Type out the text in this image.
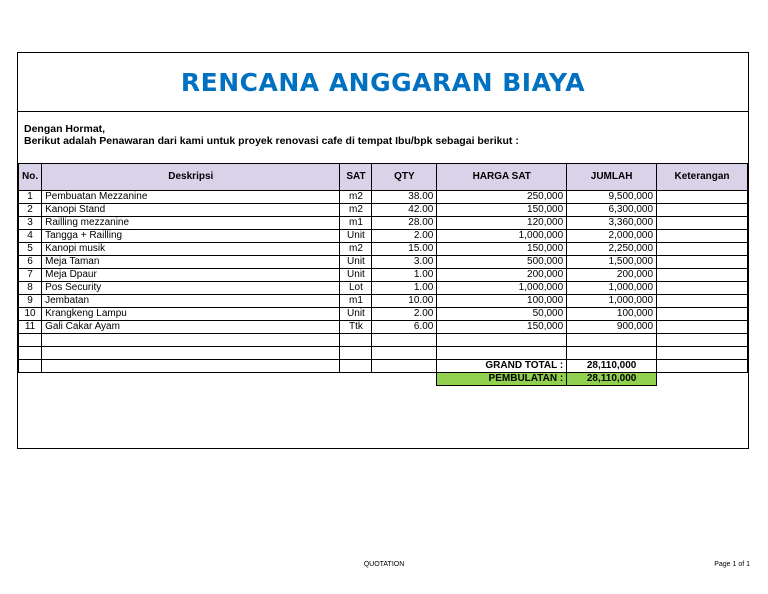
RENCANA ANGGARAN BIAYA
Dengan Hormat,
Berikut adalah Penawaran dari kami untuk proyek renovasi cafe di tempat Ibu/bpk sebagai berikut :
No.	Deskripsi	SAT	QTY	HARGA SAT	JUMLAH	Keterangan
1	Pembuatan Mezzanine	m2	38.00	250,000	9,500,000	
2	Kanopi Stand	m2	42.00	150,000	6,300,000	
3	Railling mezzanine	m1	28.00	120,000	3,360,000	
4	Tangga + Railling	Unit	2.00	1,000,000	2,000,000	
5	Kanopi musik	m2	15.00	150,000	2,250,000	
6	Meja Taman	Unit	3.00	500,000	1,500,000	
7	Meja Dpaur	Unit	1.00	200,000	200,000	
8	Pos Security	Lot	1.00	1,000,000	1,000,000	
9	Jembatan	m1	10.00	100,000	1,000,000	
10	Krangkeng Lampu	Unit	2.00	50,000	100,000	
11	Gali Cakar Ayam	Ttk	6.00	150,000	900,000	

				GRAND TOTAL :	28,110,000	
				PEMBULATAN :	28,110,000	
QUOTATION	Page 1 of 1
